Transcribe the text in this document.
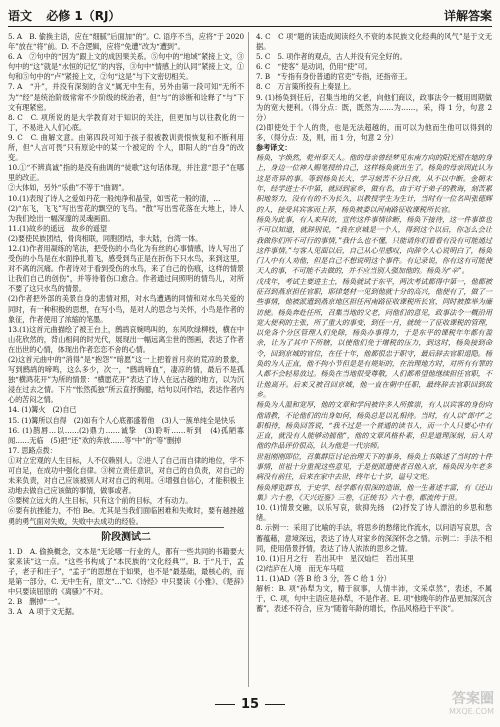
语文 必修 1（RJ）	详解答案

5. A　B. 偷换主语，应在“细腻”后面加“的”。C. 语序不当，应将“于 2020 年”放在“将”前。D. 不合逻辑，应将“免遭”改为“遭到”。

6. A　⑦句中的“因为”跟上文的成因果关系。⑤句中的“地域”紧接上文，③句中的“这”就是“水恒的记忆”的内容，③句中“情感上的认同”紧接上文，①句和⑤句中的“卢”紧接上文，②句“这是”与下文密切相关。

7. A　“升”，并没有深刻的含义“属无中生有，另外由第一段可知“无所不为”“经”是统治阶级常常不少阶级的统治者，但“与”的诊断和诠释了“与”下文有理紧密。

8. C　C. 项所说的是大学教育对于知识的关注，但更加与以往教化的一丁，不易进入人们心底。

9. C　C. 曲解文意。由第四段可知于孩子很被教训责恨恢复和不断利用所，但“人言可畏”只有原论中的某一个被定的 个人，即阳人的“自身”的改变。

10.①“不辨真诚”指的是没有曲调的“徒歌”这句话体现，并注意“思子”在哪里的改正。

②大体如，另外“乐曲”不等于“曲调”。

10.(1)表现了诗人之爱如丹花一般纯净和晶莹，如雪花一般的清，…

(2)“东飞，飞飞”写出雪花的飘空的飞鸟。“散”写出雪花落在大地上，诗人为我们绘出一幅深邃的灵魂画面。

11.(1)故乡的遥远　故乡的遥望

(2)要使民族团结，骨肉相联，同胞团结，非大陆，台湾一体。

12.(1)作者用凝练的笔法，把受伤的小鸟化为有丝的心事情感，诗人写出了受伤的小鸟是在水面挣扎着飞，感受到鸟正是在折伤下只水鸟，来到这里，对不离的沉痛。作者诗对于看到受伤的水鸟，来了自己的伤痕，这样的情景让我们自己的创伤”，并等待着伤口愈合。作者通过问照明的情鸟儿，对所不要了这只水鸟的情景。

(2)作者把外部的美景自身的悲情对照，对水鸟遭遇的同情和对水鸟关爱的同时，有一种积极的思想，在写小鸟，是对人的思念与关怀，小鸟是作者的象征，作者使用了浓缩的笔墨。

13.(1)这首元曲描绘了被王台上，鹧鸪哀婉鸣叫的，东风吹绿柳枝，横在中山花欣然的，背山相间的时光代，展现出一幅远离尘世的图画，表达了作者在出世的心情，体现出作者恋恋不舍的心情。

(2)这首元曲中的“消得”是“抱怨”“暗愿”这一上把着首月亮的荒凉的景象，写到鹧鸪的啼鸣，这么多少，次一，“鹧鸪啼血”，凄凉的情，最后不是孤独“横鸿花开”为所的情景：“横愿花开”表达了诗人在远古越的地方，以为沉浸在过去之情。下片“怅然孤独”所云直抒胸臆，结句以问作结，表达作者内心的苦闷之情。

14. (1)篝火　(2)自已

15. (1)篝所以自得　(2)如有个人心底都盛着他　(3)人一簇单纯全是快乐

16. (1)鹊唇…以……(2)鼎力……诚挚　(3)聆听……听到　(4)孤陋寡闻……无临　(5)把“还”欢的奔放……等“中”的“等”删掉

17. 思路点拨：

①对立宏观的人生目标，人不仅赖别人。②进人了自己而自律的地位，学不可自足，在成功中强化自律。③树立责任意识，对自己的自负责，对自己的未来负责，对自己应该被别人对对自己的利用。④增强自信心，才能积极主动地去做自己应该做的事情，做事或者。

⑤要树立远大的人生目标，只有这个前的目标，才有动力。

⑥要有抗挫能力，不怕 Be。尤其是当我们面临困难和失败时，要有越挫越勇的勇气面对失败，失败中去成功的经验。

阶段测试二

1. D　A. 偷换概念，文本是“无论哪一行业的人，都有一些共同的书籍要大家来读”这一点。“这些书构成了“本民族的‘文化经典’”。B. 于“凡于，孟子，老子和庄子”，“孟子”的思想在于如果，也不是“最基础，最核心的，而是第一部分，C. 无中生有，原文“…”C.《诗经》中只要读《小雅》、《楚辞》中只要读屈原的《离骚》”不对。

2. B　删掉“一”。

3. A　A 项于文无据。

4. C　C 项“题的读造成阅读经久不衰的本民族文化经典的风气”是于文无据。

5. C　5. 项作者的观点，古人并没有完全好的。

6. C　“使客” 是动词，仍用“使”可。

7. B　“专指有身份普通的官吏”专指，还指帝王。

8. C　万言策所投有上奏显上。

9. (1)杨奂到任后，召集当地的父老，向他们商议，政事法令一概用周期做为的宽大便利。（得分点：既，既然为……为……，采，得 1 分，句意 2 分）

(2)即使处于个人的贵，也是无法超越的，而可以为他而生他可以得到的多，（得分点：及，则，而 1 分，句意 2 分）

参考译文：

杨奂，字焕然，乾州奉天人。他的母亲曾经梦见东南方向的阳光照在她的身上，身边一位神人赐笔授给自己，这样杨奂就出生了。杨奂的母亲因此认为这是奇异的事。等到杨奂长大，学习刻苦不分日夜，从不以中断。金朝末年，经学进士不中第，就回到家乡，做有名，由于对于弟子的教诲，刻苦累积地努力，没有有的不为长久，以教授学生为生计，当时有一位名叫张德辉的人，接受其宾客而上荐，杨奂被委以河南路征收课税所长官。

杨奂为此事，有人来拜访，宣传这件事情诊断，杨奂下接待，这一件事谁也不可以知道，就辞别说，“我在京城是一个人，得到这个以后，你怎么会让我做你们所不可行的事情，”我什么也不懂，只能请你们看看有没有可能通过这件事情。”与客人见面以后，自己从心里感叹，向辞令人心说明白了，杨奂门人中有人劝他，但是自己不想说明这个事件。有记录说，你有这有可能使天人的事，不可能不去做的，并不应当别人强加他的。杨奂为“辛”。

戊戌年，考试主要进主士，杨奂就试于东平，两次考试都得中第一，他都被征召到燕京担任官职，耶律楚材一见到他就十分的高兴，他便有了，做了一些事情，他被派遣到燕京地区担任河南路征收课税所长官，同时被推举为廉访使。杨奂奔赴任所，召集当地的父老，问他们的意见，政事法令一概沿用宽大便利的主张，所了重大的事变，到任一月，就统一了征收课税的管理，以免各个分区管理人们免除，杨奂办事得力，于是东平的课税年年都有盈余，让为了其中下所辖，以使他们免于增税的压力，到这时，杨奂接到命令，回到京城的官位，在任十年，他都很忠于职守，最后辞去官职退隐。杨奂的为人正直，他不拘小节但是是有规矩的，在治理地方时，对所有有罪的人都不会轻易放过。杨奂在当地很受尊敬，人们都希望他继续担任官职，不让他离开。后来又被召回京城，他一直在朝中任职，最终辞去官职回到故乡。

杨奂为人温和宽厚，他的文章和学问被许多人所推崇，有人以宾客的身份向他请教，不论他们的出身如何，杨奂总是以礼相待。当时，有人以“郎中”之职相待，杨奂回答说，“我不过是一个普通的读书人，而一个人只要心中有正直，就没有人能够动摇他”，他的文章风格朴素，但是道理深刻，后人对他的作品评价很高，认为他是一代宗师。

世祖刚刚即位，召集群臣讨论治理天下的事务，杨奂上书陈述了当时的十件事情，世祖十分重视这些意见，于是便派遣使者召他入京，杨奂因为年老多病没有前往，后来在家中去世，终年七十岁，谥号文宪。

杨奂博览群书，于史学、经学都有很深的造诣，他一生著述丰富，有《还山集》六十卷，《天兴近鉴》三卷，《正统书》六十卷，都流传于世。

10. (1)情景交融，以乐写哀，欲抑先扬　(2)抒发了诗人漂泊的乡思和愁绪。

8. 示例一：采用了比喻的手法，将思乡的愁绪比作流水，以问语写哀思，含蓄蕴藉，意境深远，表达了诗人对家乡的深深怀念之情。示例二：手法不相同，使用借景抒情，表达了诗人浓浓的思乡之情。

10. (1)日月之行　若出其中　星汉灿烂　若出其里

(2)结庐在人境　而无车马喧

11. (1)AD（答 B 给 3 分，答 C 给 1 分）

解析：B. 项“孙犁为文，精于叙事，人情丰沛，文采卓然”，表述，不属于，C. 项，句中主语应是孙犁，不是作者。E. 项“他晚年的作品更加深沉含蓄”，表述不符合，应为“随着年龄的增长，作品风格趋于平淡”。

15	答案圈
MXQE.COM
